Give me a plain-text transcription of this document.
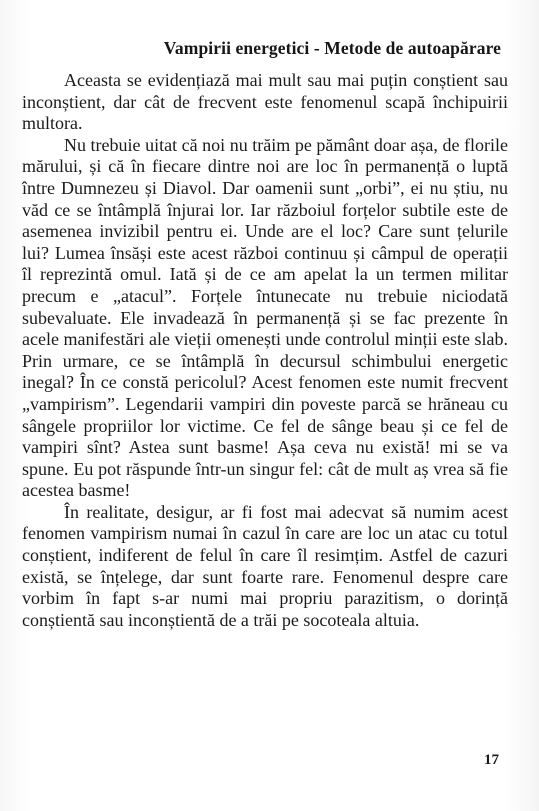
Vampirii energetici - Metode de autoapărare

Aceasta se evidențiază mai mult sau mai puțin conștient sau inconștient, dar cât de frecvent este fenomenul scapă închipuirii multora.

Nu trebuie uitat că noi nu trăim pe pământ doar așa, de florile mărului, și că în fiecare dintre noi are loc în permanență o luptă între Dumnezeu și Diavol. Dar oamenii sunt „orbi”, ei nu știu, nu văd ce se întâmplă înjurai lor. Iar războiul forțelor subtile este de asemenea invizibil pentru ei. Unde are el loc? Care sunt țelurile lui? Lumea însăși este acest război continuu și câmpul de operații îl reprezintă omul. Iată și de ce am apelat la un termen militar precum e „atacul”. Forțele întunecate nu trebuie niciodată subevaluate. Ele invadează în permanență și se fac prezente în acele manifestări ale vieții omenești unde controlul minții este slab. Prin urmare, ce se întâmplă în decursul schimbului energetic inegal? În ce constă pericolul? Acest fenomen este numit frecvent „vampirism”. Legendarii vampiri din poveste parcă se hrăneau cu sângele propriilor lor victime. Ce fel de sânge beau și ce fel de vampiri sînt? Astea sunt basme! Așa ceva nu există! mi se va spune. Eu pot răspunde într-un singur fel: cât de mult aș vrea să fie acestea basme!

În realitate, desigur, ar fi fost mai adecvat să numim acest fenomen vampirism numai în cazul în care are loc un atac cu totul conștient, indiferent de felul în care îl resimțim. Astfel de cazuri există, se înțelege, dar sunt foarte rare. Fenomenul despre care vorbim în fapt s-ar numi mai propriu parazitism, o dorință conștientă sau inconștientă de a trăi pe socoteala altuia.

17
